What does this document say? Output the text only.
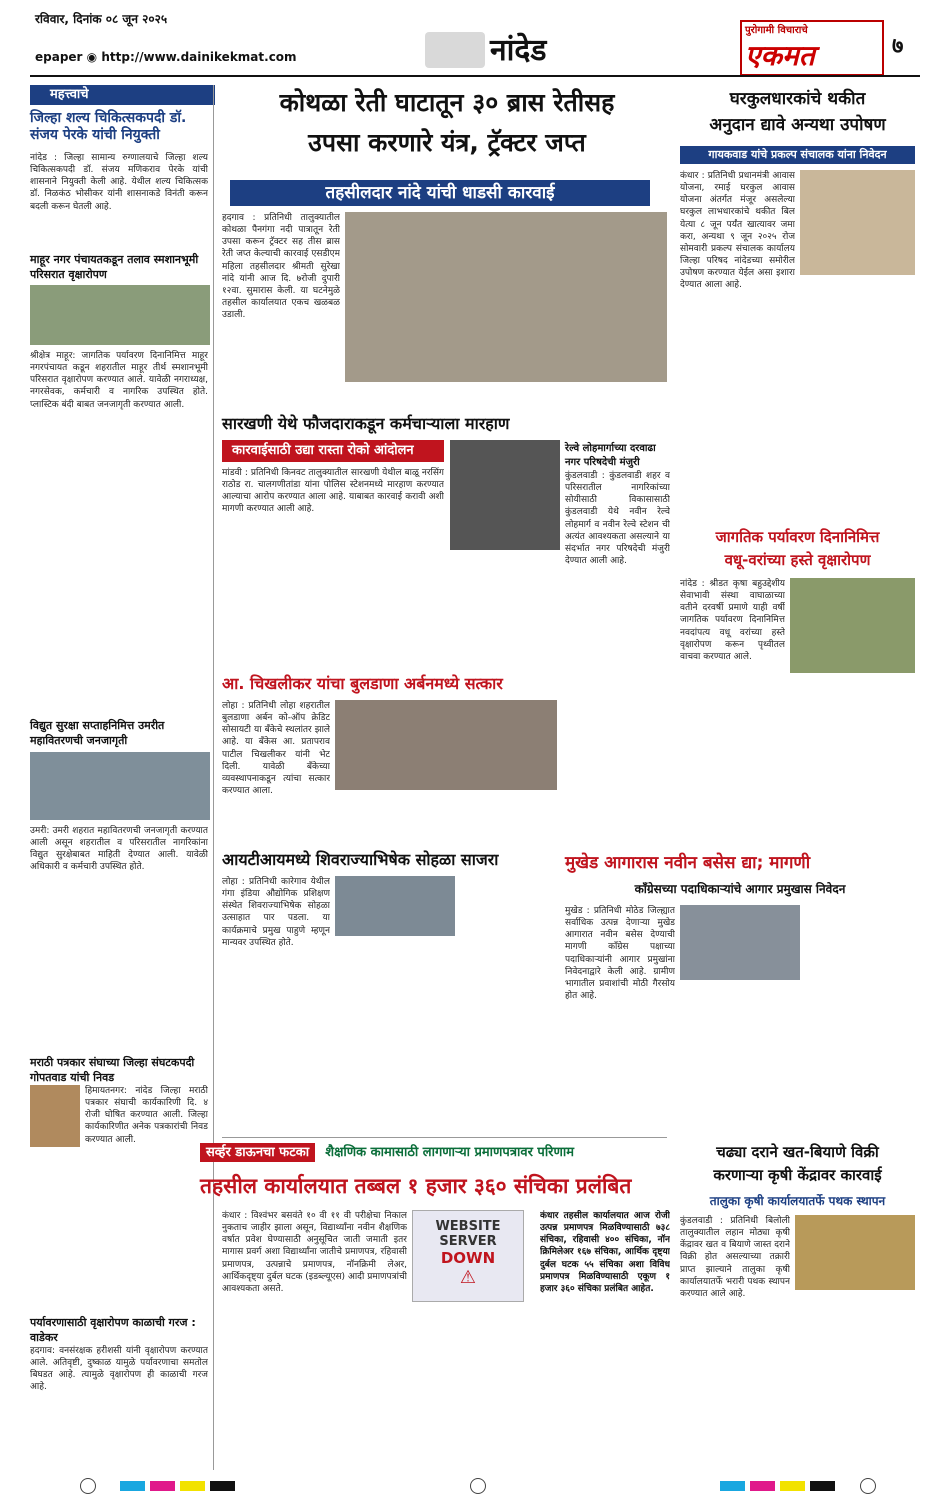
रविवार, दिनांक ०८ जून २०२५
epaper ◉ http://www.dainikekmat.com	नांदेड
पुरोगामी विचाराचे
एकमत	७
महत्त्वाचे
जिल्हा शल्य चिकित्सकपदी डॉ. संजय पेरके यांची नियुक्ती
नांदेड : जिल्हा सामान्य रुग्णालयाचे जिल्हा शल्य चिकित्सकपदी डॉ. संजय मणिकराव पेरके यांची शासनाने नियुक्ती केली आहे. येथील शल्य चिकित्सक डॉ. निळकंठ भोसीकर यांनी शासनाकडे विनंती करून बदली करून घेतली आहे.
माहूर नगर पंचायतकडून तलाव स्मशानभूमी परिसरात वृक्षारोपण
श्रीक्षेत्र माहूर: जागतिक पर्यावरण दिनानिमित्त माहूर नगरपंचायत कडून शहरातील माहूर तीर्थ स्मशानभूमी परिसरात वृक्षारोपण करण्यात आले. यावेळी नगराध्यक्ष, नगरसेवक, कर्मचारी व नागरिक उपस्थित होते. प्लास्टिक बंदी बाबत जनजागृती करण्यात आली.
विद्युत सुरक्षा सप्ताहनिमित्त उमरीत महावितरणची जनजागृती
उमरी: उमरी शहरात महावितरणची जनजागृती करण्यात आली असून शहरातील व परिसरातील नागरिकांना विद्युत सुरक्षेबाबत माहिती देण्यात आली. यावेळी अधिकारी व कर्मचारी उपस्थित होते.
मराठी पत्रकार संघाच्या जिल्हा संघटकपदी गोपतवाड यांची निवड
हिमायतनगर: नांदेड जिल्हा मराठी पत्रकार संघाची कार्यकारिणी दि. ४ रोजी घोषित करण्यात आली. जिल्हा कार्यकारिणीत अनेक पत्रकारांची निवड करण्यात आली.
पर्यावरणासाठी वृक्षारोपण काळाची गरज : वाडेकर
हदगाव: वनसंरक्षक हरीशसी यांनी वृक्षारोपण करण्यात आले. अतिवृष्टी, दुष्काळ यामुळे पर्यावरणाचा समतोल बिघडत आहे. त्यामुळे वृक्षारोपण ही काळाची गरज आहे.
कोथळा रेती घाटातून ३० ब्रास रेतीसह
उपसा करणारे यंत्र, ट्रॅक्टर जप्त
तहसीलदार नांदे यांची धाडसी कारवाई
हदगाव : प्रतिनिधी तालुक्यातील कोथळा पैनगंगा नदी पात्रातून रेती उपसा करून ट्रॅक्टर सह तीस ब्रास रेती जप्त केल्याची कारवाई एसडीएम महिला तहसीलदार श्रीमती सुरेखा नांदे यांनी आज दि. ७रोजी दुपारी १२वा. सुमारास केली. या घटनेमुळे तहसील कार्यालयात एकच खळबळ उडाली.
सारखणी येथे फौजदाराकडून कर्मचाऱ्याला मारहाण
कारवाईसाठी उद्या रास्ता रोको आंदोलन
मांडवी : प्रतिनिधी किनवट तालुक्यातील सारखणी येथील बाळू नरसिंग राठोड रा. चालगणीतांडा यांना पोलिस स्टेशनमध्ये मारहाण करण्यात आल्याचा आरोप करण्यात आला आहे. याबाबत कारवाई करावी अशी मागणी करण्यात आली आहे.
रेल्वे लोहमार्गाच्या दरवाढा नगर परिषदेची मंजुरी
कुंडलवाडी : कुंडलवाडी शहर व परिसरातील नागरिकांच्या सोयीसाठी विकासासाठी कुंडलवाडी येथे नवीन रेल्वे लोहमार्ग व नवीन रेल्वे स्टेशन ची अत्यंत आवश्यकता असल्याने या संदर्भात नगर परिषदेची मंजुरी देण्यात आली आहे.
आ. चिखलीकर यांचा बुलडाणा अर्बनमध्ये सत्कार
लोहा : प्रतिनिधी लोहा शहरातील बुलडाणा अर्बन को-ऑप क्रेडिट सोसायटी या बँकेचे स्थलांतर झाले आहे. या बँकेस आ. प्रतापराव पाटील चिखलीकर यांनी भेट दिली. यावेळी बँकेच्या व्यवस्थापनाकडून त्यांचा सत्कार करण्यात आला.
आयटीआयमध्ये शिवराज्याभिषेक सोहळा साजरा
लोहा : प्रतिनिधी कारेगाव येथील गंगा इंडिया औद्योगिक प्रशिक्षण संस्थेत शिवराज्याभिषेक सोहळा उत्साहात पार पडला. या कार्यक्रमाचे प्रमुख पाहुणे म्हणून मान्यवर उपस्थित होते.
घरकुलधारकांचे थकीत
अनुदान द्यावे अन्यथा उपोषण
गायकवाड यांचे प्रकल्प संचालक यांना निवेदन
कंधार : प्रतिनिधी प्रधानमंत्री आवास योजना, रमाई घरकुल आवास योजना अंतर्गत मंजूर असलेल्या घरकुल लाभधारकांचे थकीत बिल येत्या ८ जून पर्यंत खात्यावर जमा करा, अन्यथा ९ जून २०२५ रोज सोमवारी प्रकल्प संचालक कार्यालय जिल्हा परिषद नांदेडच्या समोरील उपोषण करण्यात येईल असा इशारा देण्यात आला आहे.
जागतिक पर्यावरण दिनानिमित्त
वधू-वरांच्या हस्ते वृक्षारोपण
नांदेड : श्रीडत कृषा बहुउद्देशीय सेवाभावी संस्था वाघाळाच्या वतीने दरवर्षी प्रमाणे याही वर्षी जागतिक पर्यावरण दिनानिमित्त नवदांपत्य वधू वरांच्या हस्ते वृक्षारोपण करून पृथ्वीतल वाचवा करण्यात आले.
मुखेड आगारास नवीन बसेस द्या; मागणी
काँग्रेसच्या पदाधिकाऱ्यांचे आगार प्रमुखास निवेदन
मुखेड : प्रतिनिधी मोठेड जिल्ह्यात सर्वाधिक उत्पन्न देणाऱ्या मुखेड आगारात नवीन बसेस देण्याची मागणी काँग्रेस पक्षाच्या पदाधिकाऱ्यांनी आगार प्रमुखांना निवेदनाद्वारे केली आहे. ग्रामीण भागातील प्रवाशांची मोठी गैरसोय होत आहे.
सर्व्हर डाऊनचा फटका शैक्षणिक कामासाठी लागणाऱ्या प्रमाणपत्रावर परिणाम
तहसील कार्यालयात तब्बल १ हजार ३६० संचिका प्रलंबित
कंधार : विश्वंभर बसवंते १० वी ११ वी परीक्षेचा निकाल नुकताच जाहीर झाला असून, विद्यार्थ्यांना नवीन शैक्षणिक वर्षात प्रवेश घेण्यासाठी अनुसूचित जाती जमाती इतर मागास प्रवर्ग अशा विद्यार्थ्यांना जातीचे प्रमाणपत्र, रहिवासी प्रमाणपत्र, उत्पन्नाचे प्रमाणपत्र, नॉनक्रिमी लेअर, आर्थिकदृष्ट्या दुर्बल घटक (इडब्ल्यूएस) आदी प्रमाणपत्रांची आवश्यकता असते.
WEBSITE
SERVER
DOWN
⚠
कंधार तहसील कार्यालयात आज रोजी उत्पन्न प्रमाणपत्र मिळविण्यासाठी ७३८ संचिका, रहिवासी ४०० संचिका, नॉन क्रिमिलेअर १६७ संचिका, आर्थिक दृष्ट्या दुर्बल घटक ५५ संचिका अशा विविध प्रमाणपत्र मिळविण्यासाठी एकूण १ हजार ३६० संचिका प्रलंबित आहेत.
चढ्या दराने खत-बियाणे विक्री
करणाऱ्या कृषी केंद्रावर कारवाई
तालुका कृषी कार्यालयातर्फे पथक स्थापन
कुंडलवाडी : प्रतिनिधी बिलोली तालुक्यातील लहान मोठ्या कृषी केंद्रावर खत व बियाणे जास्त दराने विक्री होत असल्याच्या तक्रारी प्राप्त झाल्याने तालुका कृषी कार्यालयातर्फे भरारी पथक स्थापन करण्यात आले आहे.
